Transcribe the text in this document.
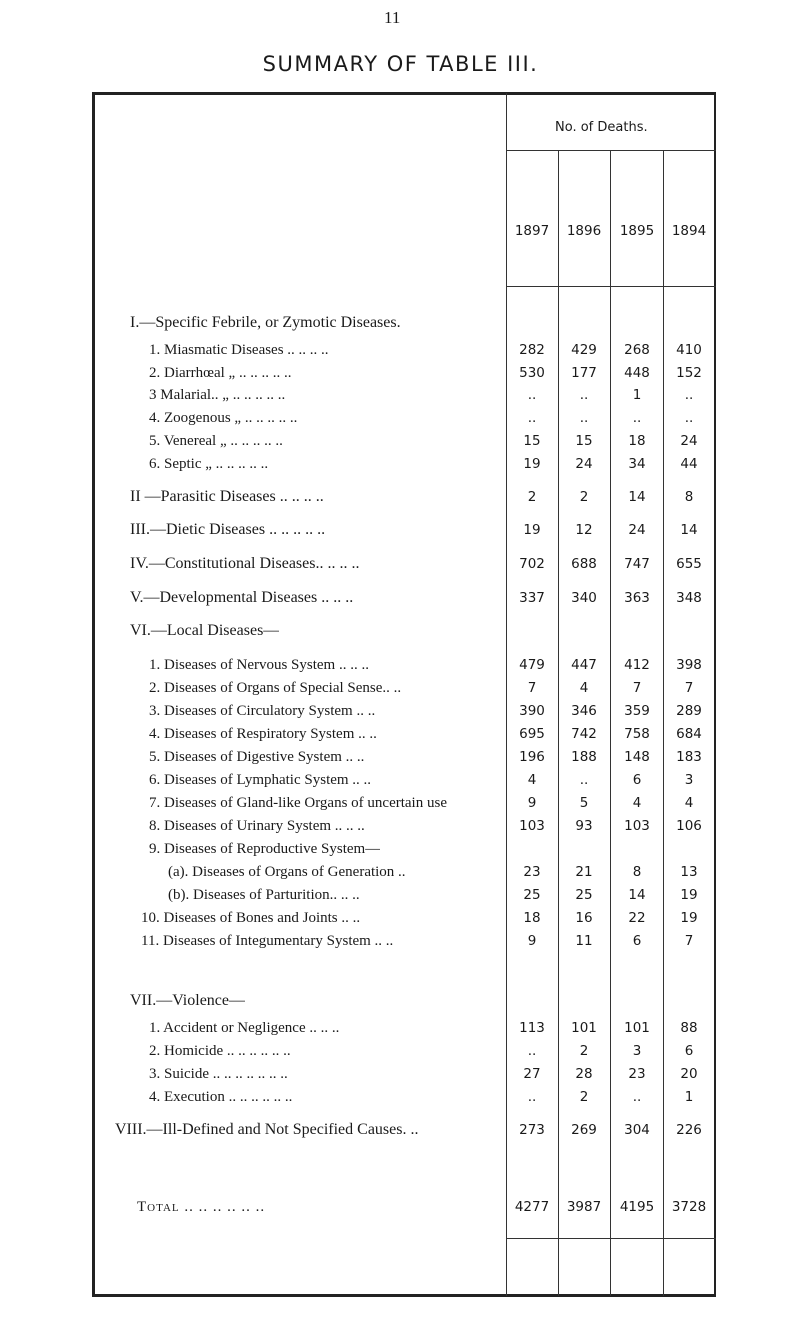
11
SUMMARY OF TABLE III.
No. of Deaths.
1897	1896	1895	1894
I.—Specific Febrile, or Zymotic Diseases.
1. Miasmatic Diseases .. .. .. ..	282	429	268	410
2. Diarrhœal „ .. .. .. .. ..	530	177	448	152
3 Malarial.. „ .. .. .. .. ..	..	..	1	..
4. Zoogenous „ .. .. .. .. ..	..	..	..	..
5. Venereal „ .. .. .. .. ..	15	15	18	24
6. Septic „ .. .. .. .. ..	19	24	34	44
II —Parasitic Diseases .. .. .. ..	2	2	14	8
III.—Dietic Diseases .. .. .. .. ..	19	12	24	14
IV.—Constitutional Diseases.. .. .. ..	702	688	747	655
V.—Developmental Diseases .. .. ..	337	340	363	348
VI.—Local Diseases—
1. Diseases of Nervous System .. .. ..	479	447	412	398
2. Diseases of Organs of Special Sense.. ..	7	4	7	7
3. Diseases of Circulatory System .. ..	390	346	359	289
4. Diseases of Respiratory System .. ..	695	742	758	684
5. Diseases of Digestive System .. ..	196	188	148	183
6. Diseases of Lymphatic System .. ..	4	..	6	3
7. Diseases of Gland-like Organs of uncertain use	9	5	4	4
8. Diseases of Urinary System .. .. ..	103	93	103	106
9. Diseases of Reproductive System—
(a). Diseases of Organs of Generation ..	23	21	8	13
(b). Diseases of Parturition.. .. ..	25	25	14	19
10. Diseases of Bones and Joints .. ..	18	16	22	19
11. Diseases of Integumentary System .. ..	9	11	6	7
VII.—Violence—
1. Accident or Negligence .. .. ..	113	101	101	88
2. Homicide .. .. .. .. .. ..	..	2	3	6
3. Suicide .. .. .. .. .. .. ..	27	28	23	20
4. Execution .. .. .. .. .. ..	..	2	..	1
VIII.—Ill-Defined and Not Specified Causes. ..	273	269	304	226
Total .. .. .. .. .. ..	4277	3987	4195	3728
